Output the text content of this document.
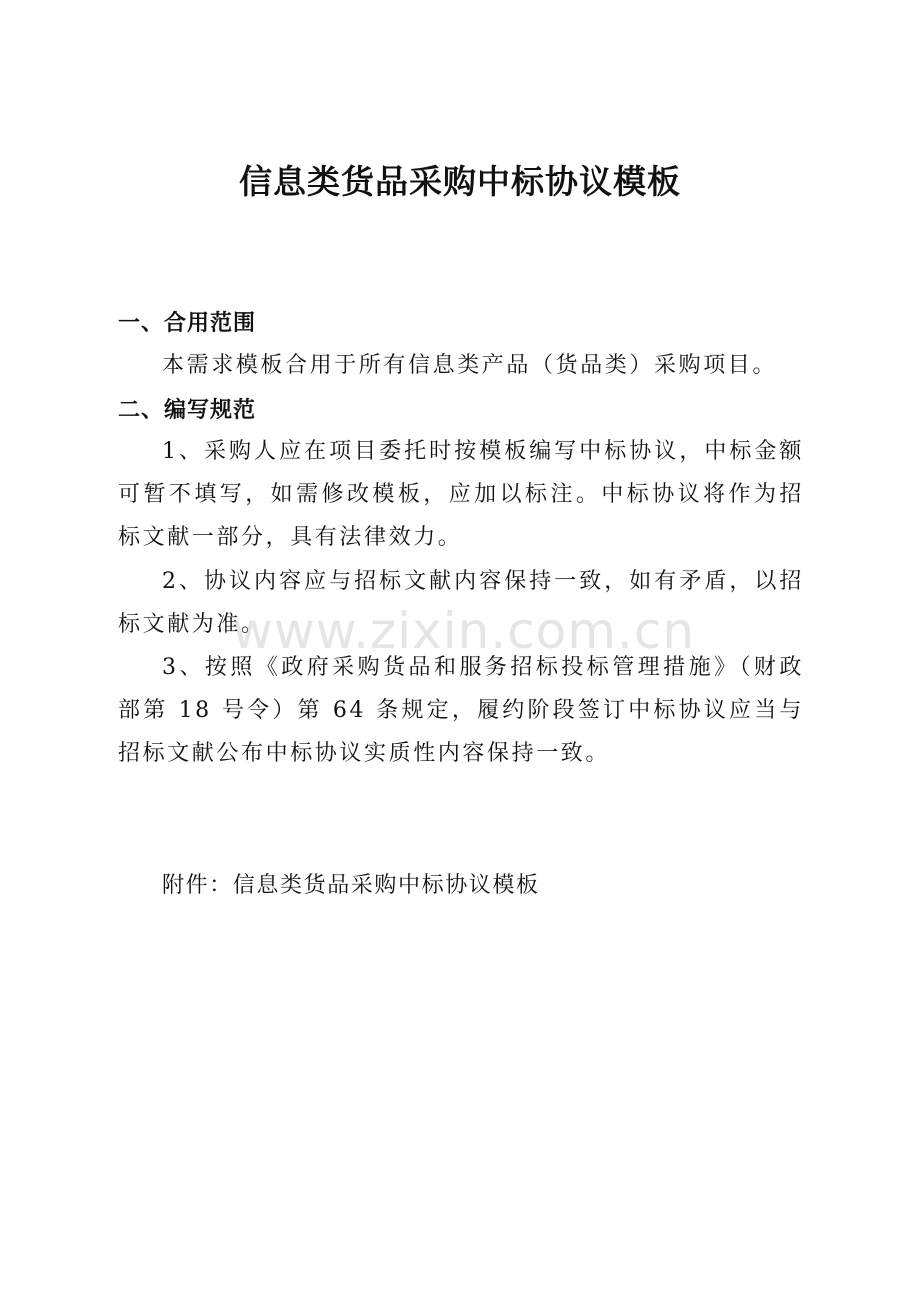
信息类货品采购中标协议模板
一、合用范围

本需求模板合用于所有信息类产品（货品类）采购项目。

二、编写规范

1、采购人应在项目委托时按模板编写中标协议，中标金额可暂不填写，如需修改模板，应加以标注。中标协议将作为招标文献一部分，具有法律效力。

2、协议内容应与招标文献内容保持一致，如有矛盾，以招标文献为准。

3、按照《政府采购货品和服务招标投标管理措施》（财政部第 18 号令）第 64 条规定，履约阶段签订中标协议应当与招标文献公布中标协议实质性内容保持一致。

附件：信息类货品采购中标协议模板

www.zixin.com.cn
